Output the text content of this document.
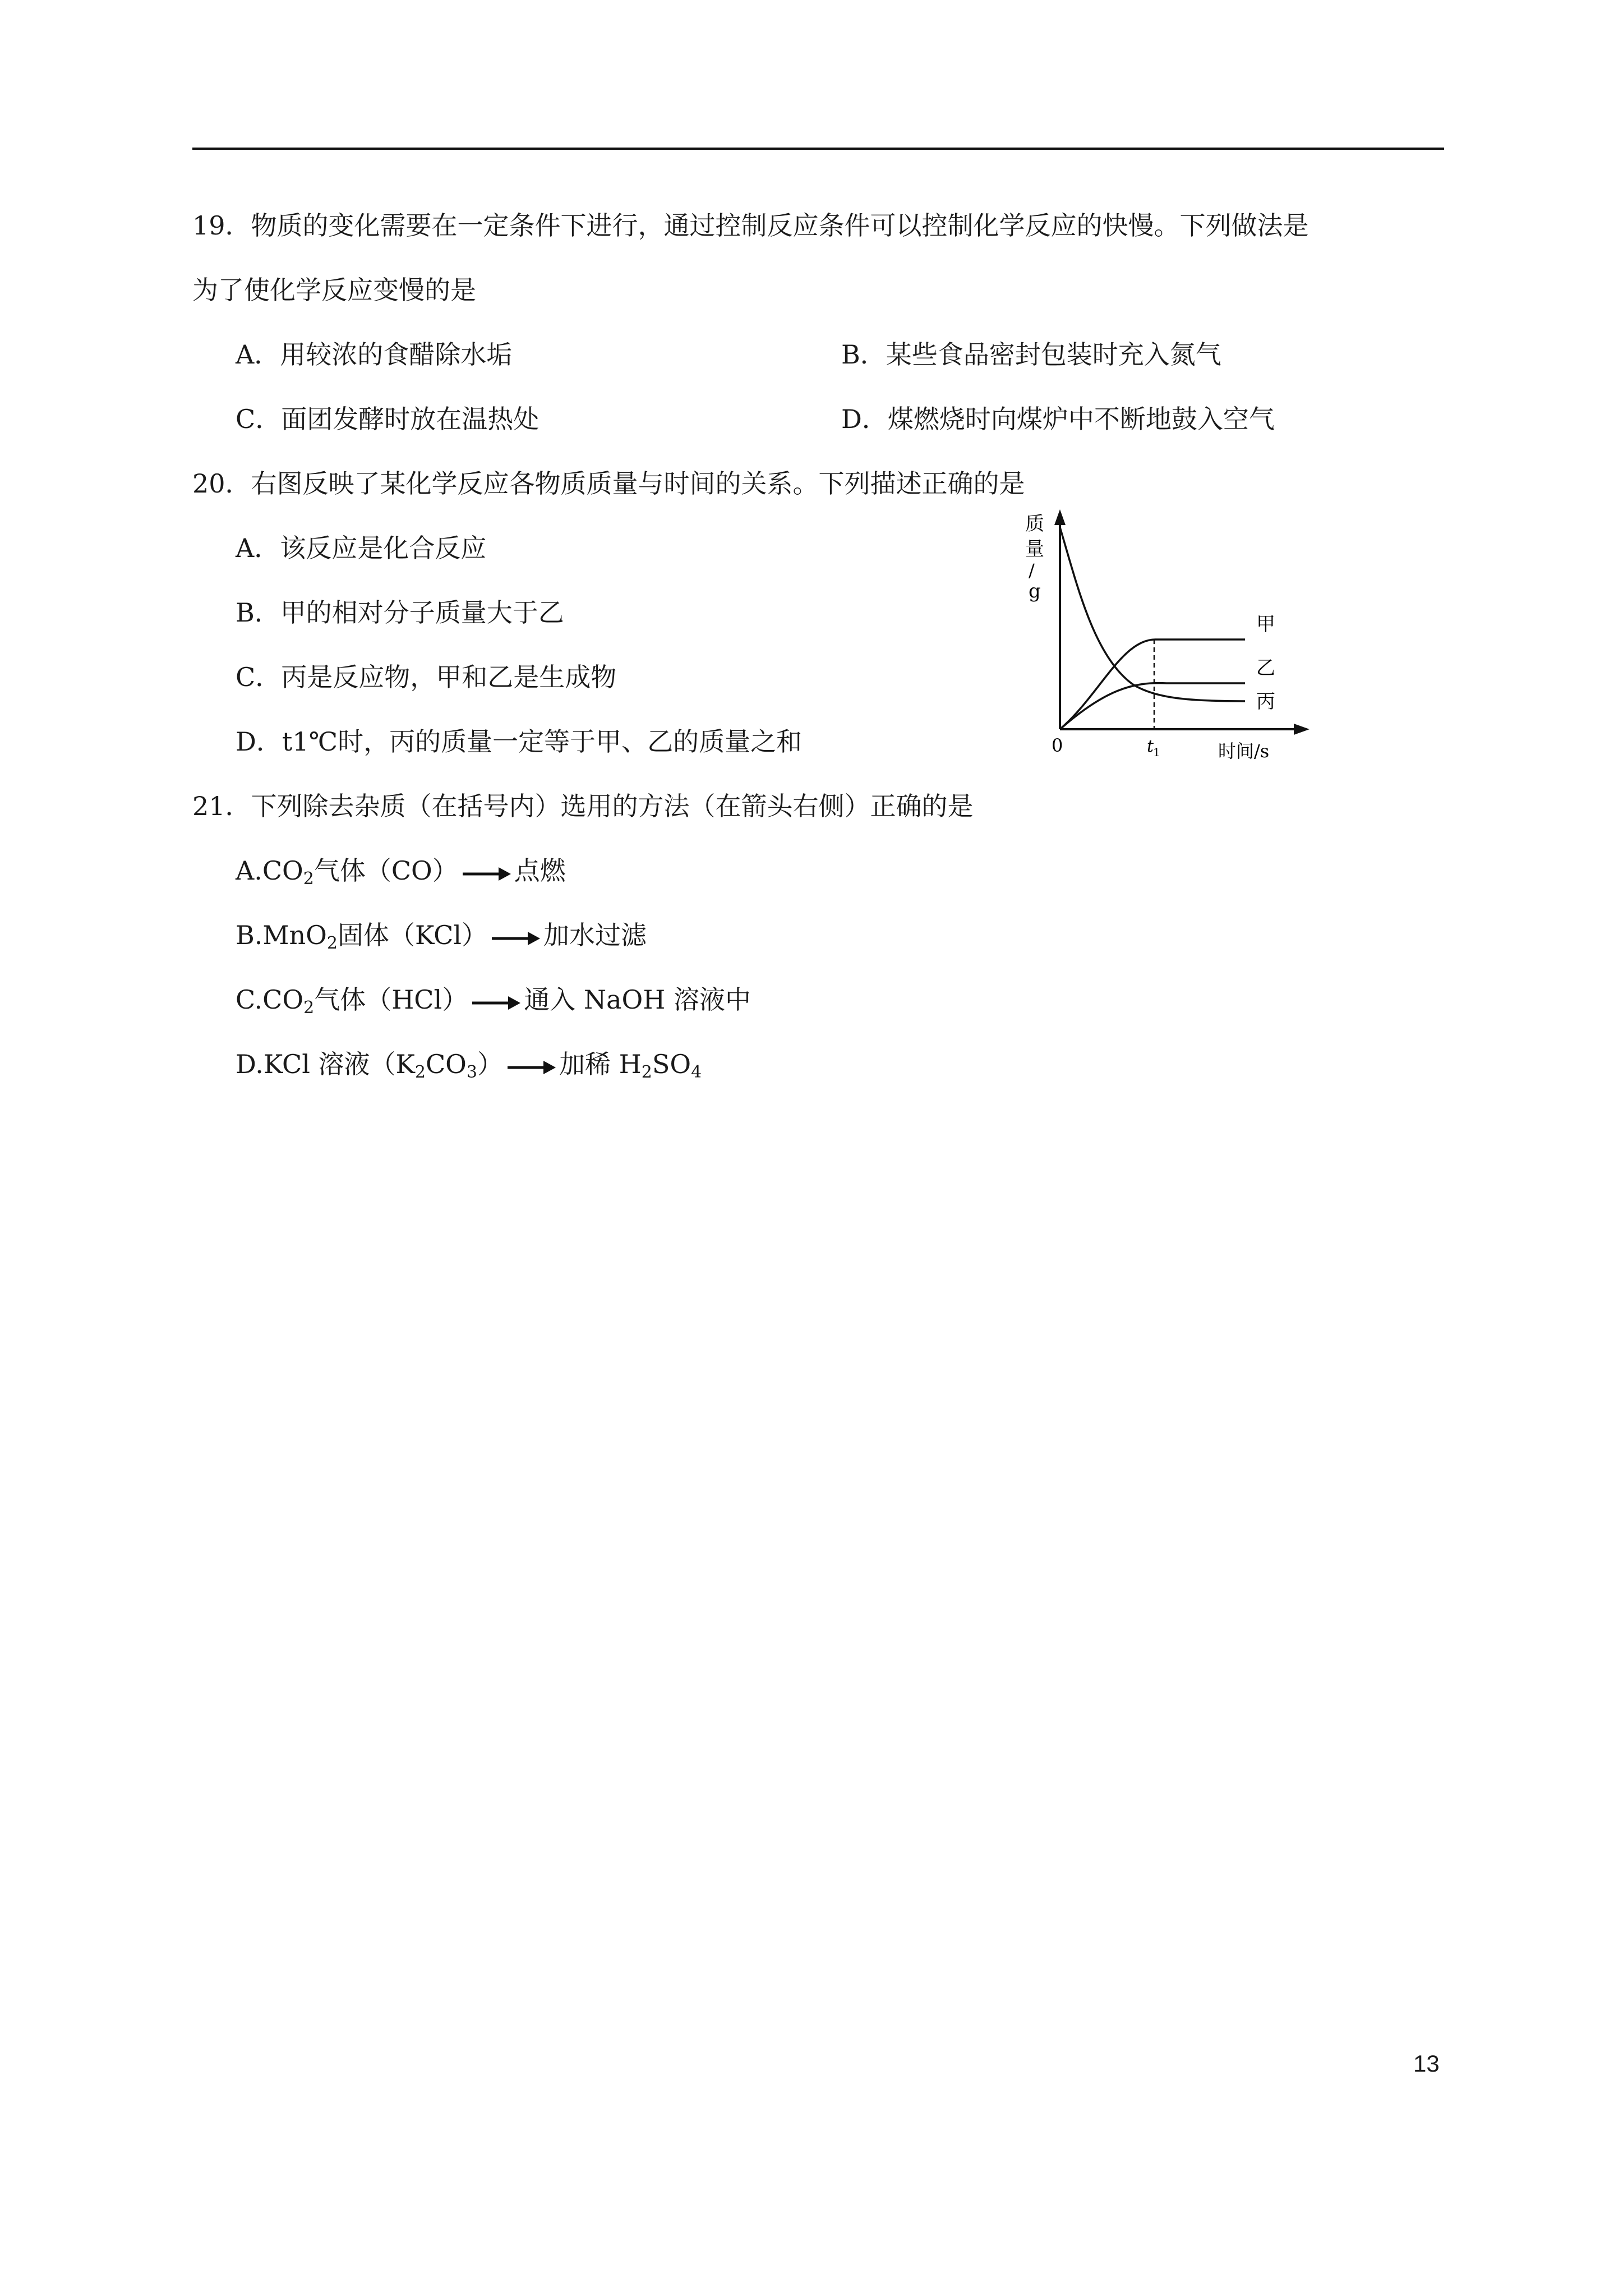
19．物质的变化需要在一定条件下进行，通过控制反应条件可以控制化学反应的快慢。下列做法是
为了使化学反应变慢的是
A．用较浓的食醋除水垢	B．某些食品密封包装时充入氮气
C．面团发酵时放在温热处	D．煤燃烧时向煤炉中不断地鼓入空气
20．右图反映了某化学反应各物质质量与时间的关系。下列描述正确的是
A．该反应是化合反应
B．甲的相对分子质量大于乙
C．丙是反应物，甲和乙是生成物
D．t1℃时，丙的质量一定等于甲、乙的质量之和
质
量
/
g
0	t
1	时间/s
甲
乙
丙
21．下列除去杂质（在括号内）选用的方法（在箭头右侧）正确的是
$A.CO_2$气体（CO） 点燃
B.MnO$_2$固体（KCl） 加水过滤
$C.CO_2$气体（HCl） 通入 NaOH 溶液中
D.KCl 溶液$(K_2CO_3)$ 加稀 $H_2SO_4$
13
